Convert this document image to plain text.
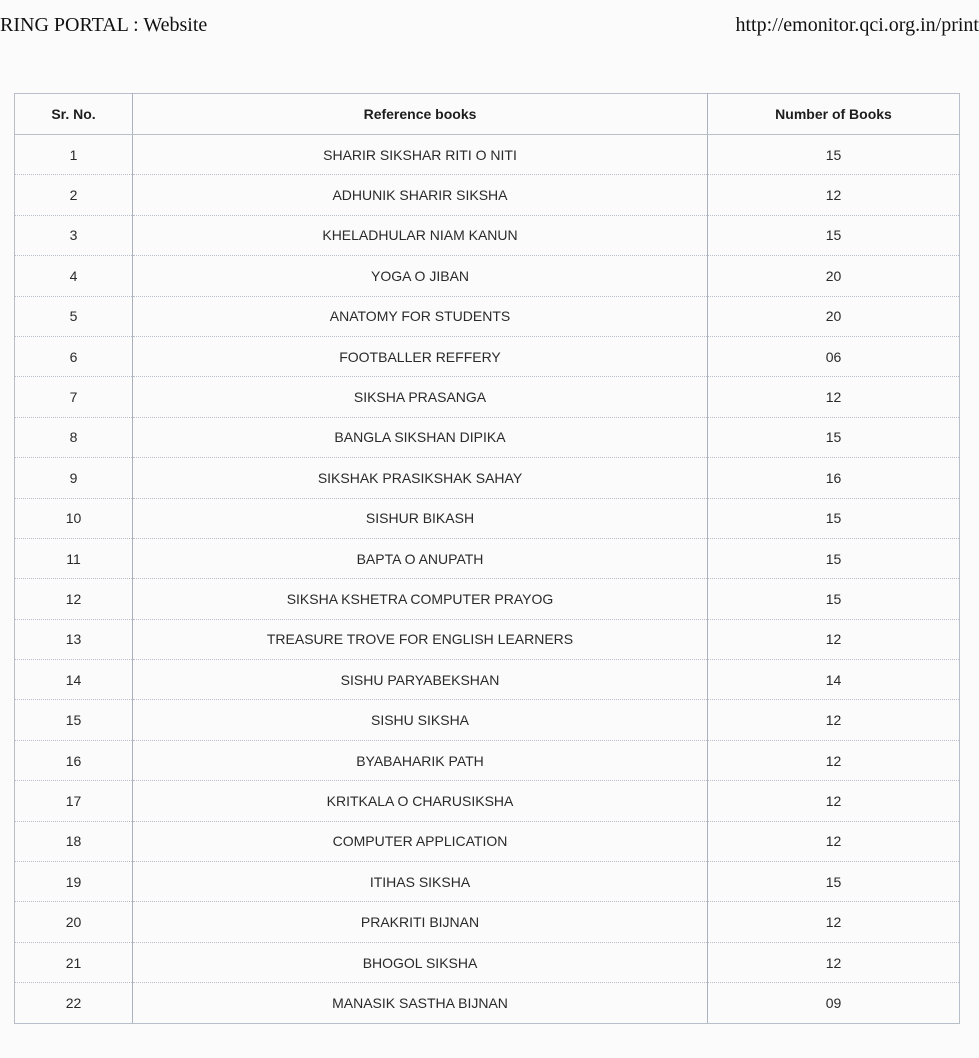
RING PORTAL : Website	http://emonitor.qci.org.in/print
Sr. No.	Reference books	Number of Books
1	SHARIR SIKSHAR RITI O NITI	15
2	ADHUNIK SHARIR SIKSHA	12
3	KHELADHULAR NIAM KANUN	15
4	YOGA O JIBAN	20
5	ANATOMY FOR STUDENTS	20
6	FOOTBALLER REFFERY	06
7	SIKSHA PRASANGA	12
8	BANGLA SIKSHAN DIPIKA	15
9	SIKSHAK PRASIKSHAK SAHAY	16
10	SISHUR BIKASH	15
11	BAPTA O ANUPATH	15
12	SIKSHA KSHETRA COMPUTER PRAYOG	15
13	TREASURE TROVE FOR ENGLISH LEARNERS	12
14	SISHU PARYABEKSHAN	14
15	SISHU SIKSHA	12
16	BYABAHARIK PATH	12
17	KRITKALA O CHARUSIKSHA	12
18	COMPUTER APPLICATION	12
19	ITIHAS SIKSHA	15
20	PRAKRITI BIJNAN	12
21	BHOGOL SIKSHA	12
22	MANASIK SASTHA BIJNAN	09
